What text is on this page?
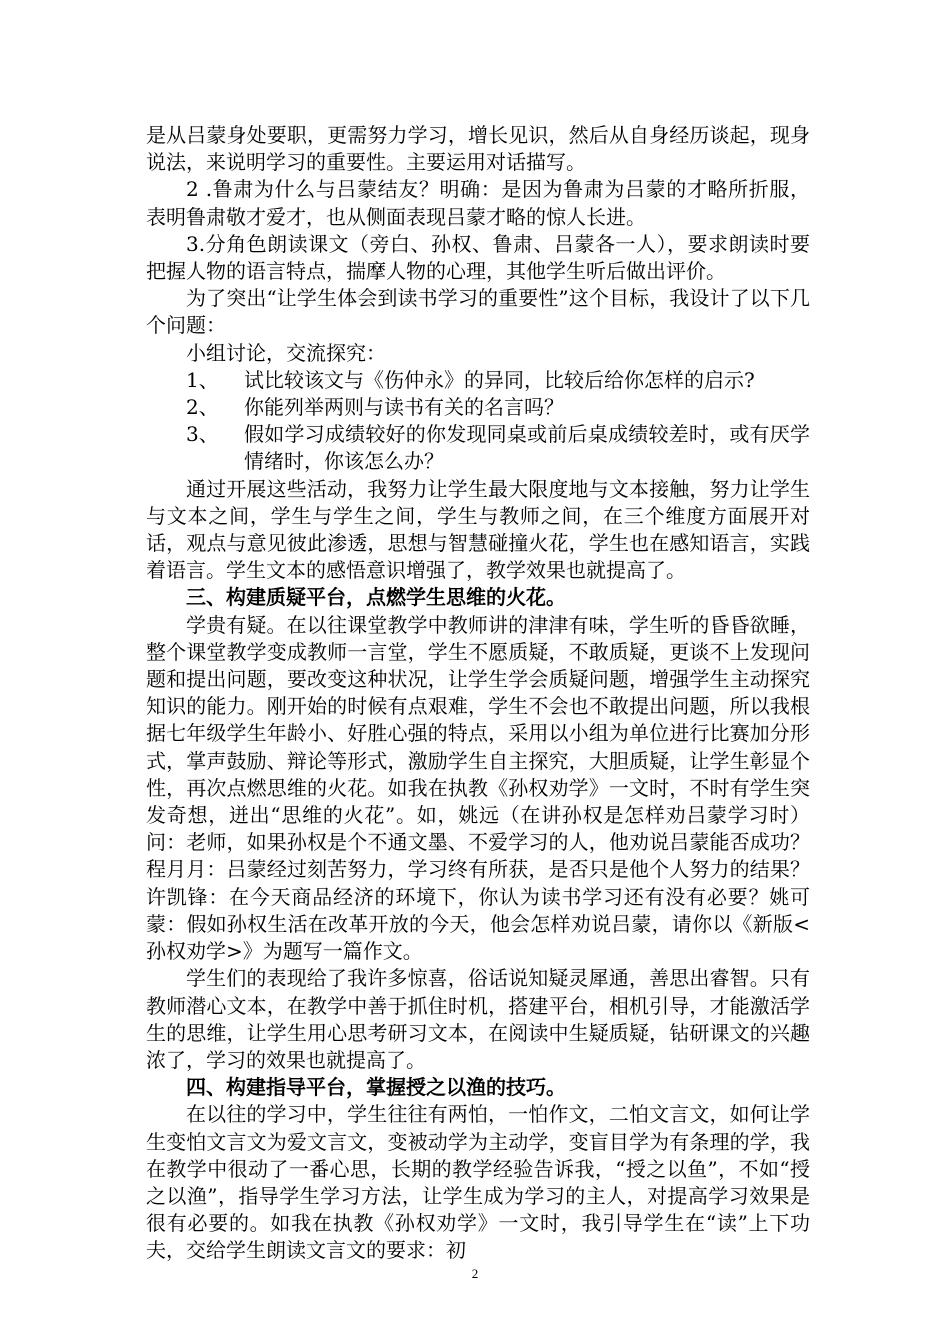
是从吕蒙身处要职，更需努力学习，增长见识，然后从自身经历谈起，现身说法，来说明学习的重要性。主要运用对话描写。

2 .鲁肃为什么与吕蒙结友？明确：是因为鲁肃为吕蒙的才略所折服，表明鲁肃敬才爱才，也从侧面表现吕蒙才略的惊人长进。

3.分角色朗读课文（旁白、孙权、鲁肃、吕蒙各一人），要求朗读时要把握人物的语言特点，揣摩人物的心理，其他学生听后做出评价。

为了突出“让学生体会到读书学习的重要性”这个目标，我设计了以下几个问题：

小组讨论，交流探究：

1、 试比较该文与《伤仲永》的异同，比较后给你怎样的启示?

2、 你能列举两则与读书有关的名言吗？

3、 假如学习成绩较好的你发现同桌或前后桌成绩较差时，或有厌学情绪时，你该怎么办？

通过开展这些活动，我努力让学生最大限度地与文本接触，努力让学生与文本之间，学生与学生之间，学生与教师之间，在三个维度方面展开对话，观点与意见彼此渗透，思想与智慧碰撞火花，学生也在感知语言，实践着语言。学生文本的感悟意识增强了，教学效果也就提高了。

三、构建质疑平台，点燃学生思维的火花。

学贵有疑。在以往课堂教学中教师讲的津津有味，学生听的昏昏欲睡，整个课堂教学变成教师一言堂，学生不愿质疑，不敢质疑，更谈不上发现问题和提出问题，要改变这种状况，让学生学会质疑问题，增强学生主动探究知识的能力。刚开始的时候有点艰难，学生不会也不敢提出问题，所以我根据七年级学生年龄小、好胜心强的特点，采用以小组为单位进行比赛加分形式，掌声鼓励、辩论等形式，激励学生自主探究，大胆质疑，让学生彰显个性，再次点燃思维的火花。如我在执教《孙权劝学》一文时，不时有学生突发奇想，迸出“思维的火花”。如，姚远（在讲孙权是怎样劝吕蒙学习时）问：老师，如果孙权是个不通文墨、不爱学习的人，他劝说吕蒙能否成功？程月月：吕蒙经过刻苦努力，学习终有所获，是否只是他个人努力的结果？许凯锋：在今天商品经济的环境下，你认为读书学习还有没有必要？姚可蒙：假如孙权生活在改革开放的今天，他会怎样劝说吕蒙，请你以《新版<孙权劝学>》为题写一篇作文。

学生们的表现给了我许多惊喜，俗话说知疑灵犀通，善思出睿智。只有教师潜心文本，在教学中善于抓住时机，搭建平台，相机引导，才能激活学生的思维，让学生用心思考研习文本，在阅读中生疑质疑，钻研课文的兴趣浓了，学习的效果也就提高了。

四、构建指导平台，掌握授之以渔的技巧。

在以往的学习中，学生往往有两怕，一怕作文，二怕文言文，如何让学生变怕文言文为爱文言文，变被动学为主动学，变盲目学为有条理的学，我在教学中很动了一番心思，长期的教学经验告诉我，“授之以鱼”，不如“授之以渔”，指导学生学习方法，让学生成为学习的主人，对提高学习效果是很有必要的。如我在执教《孙权劝学》一文时，我引导学生在“读”上下功夫，交给学生朗读文言文的要求：初

2
